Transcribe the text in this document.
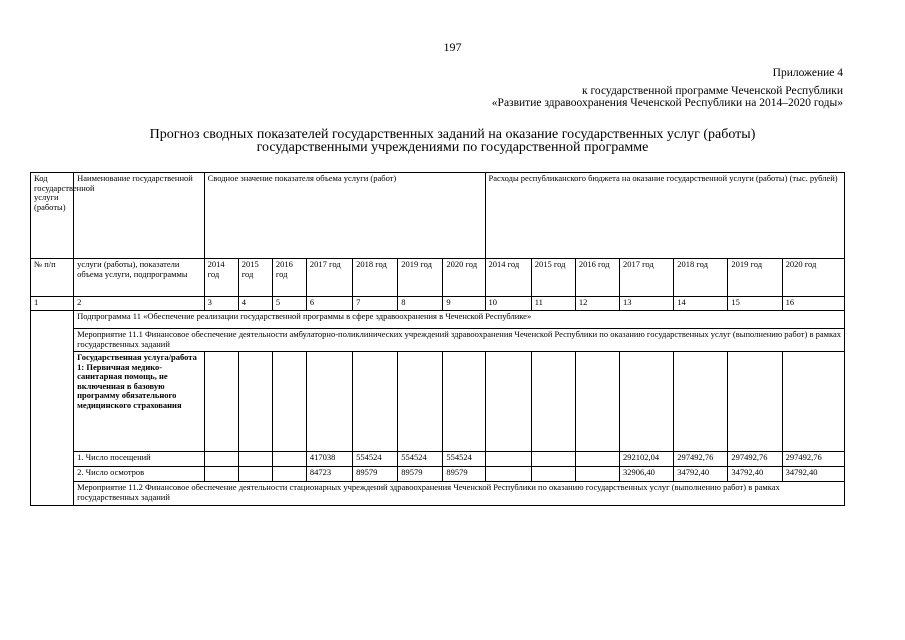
197
Приложение 4
к государственной программе Чеченской Республики
«Развитие здравоохранения Чеченской Республики на 2014–2020 годы»
Прогноз сводных показателей государственных заданий на оказание государственных услуг (работы)
государственными учреждениями по государственной программе
Код государственной услуги (работы)	Наименование государственной	Сводное значение показателя объема услуги (работ)							Расходы республиканского бюджета на оказание государственной услуги (работы) (тыс. рублей)						
№ п/п	услуги (работы), показатели объема услуги, подпрограммы	2014 год	2015 год	2016 год	2017 год	2018 год	2019 год	2020 год	2014 год	2015 год	2016 год	2017 год	2018 год	2019 год	2020 год
1	2	3	4	5	6	7	8	9	10	11	12	13	14	15	16
	Подпрограмма 11 «Обеспечение реализации государственной программы в сфере здравоохранения в Чеченской Республике»														
	Мероприятие 11.1 Финансовое обеспечение деятельности амбулаторно-поликлинических учреждений здравоохранения Чеченской Республики по оказанию государственных услуг (выполнению работ) в рамках государственных заданий														
	Государственная услуга/работа 1: Первичная медико-санитарная помощь, не включенная в базовую программу обязательного медицинского страхования														
	1. Число посещений				417038	554524	554524	554524				292102,04	297492,76	297492,76	297492,76
	2. Число осмотров				84723	89579	89579	89579				32906,40	34792,40	34792,40	34792,40
	Мероприятие 11.2 Финансовое обеспечение деятельности стационарных учреждений здравоохранения Чеченской Республики по оказанию государственных услуг (выполнению работ) в рамках государственных заданий														
